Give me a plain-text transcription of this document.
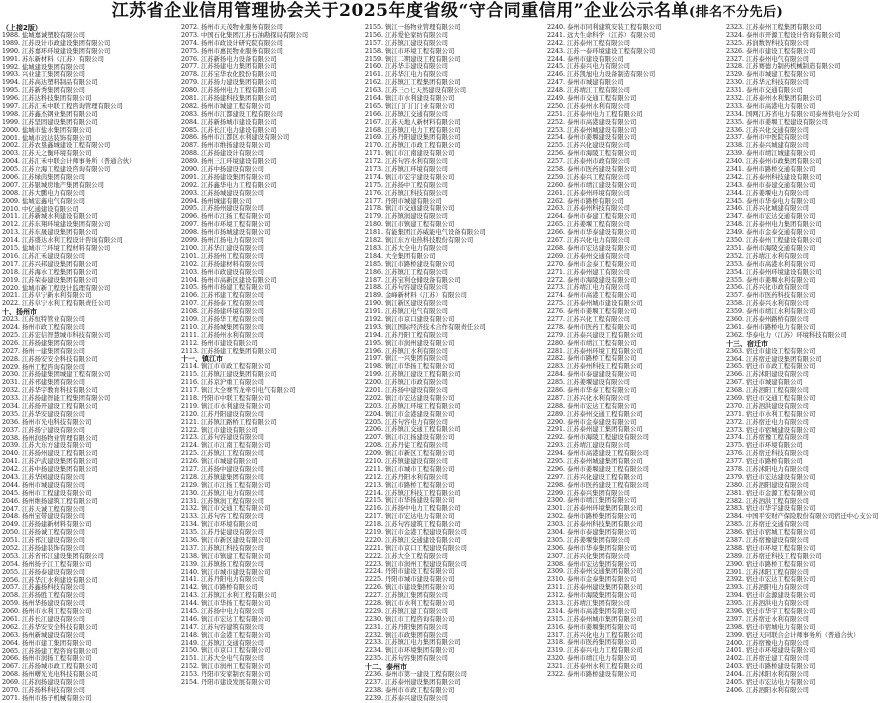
江苏省企业信用管理协会关于2025年度省级“守合同重信用”企业公示名单(排名不分先后)
（上接2版）
1988. 盐城嘉诚塑胶有限公司
1989. 江苏设计市政建设集团有限公司
1990. 江苏嘉环环境建设集团有限公司
1991. 苏东新材料（江苏）有限公司
1992. 盐城建设集团有限公司
1993. 兴业建工集团有限公司
1994. 江苏高达塑料制品有限公司
1995. 江苏新秀集团有限公司
1996. 江苏达科技集团有限公司
1997. 江苏汇禾中联工程咨询管理有限公司
1998. 江苏鑫杰钢业集团有限公司
1999. 江苏坚固建设集团有限公司
2000. 盐城市盐水集团有限公司
2001. 盐城市远达装饰有限公司
2002. 江苏农垦鑫城建设工程有限公司
2003. 江苏天之衡环境有限公司
2004. 江苏汇禾中联会计师事务所（普通合伙）
2005. 江苏立海工程建设咨询有限公司
2006. 江苏绿茵集团有限公司
2007. 江苏银城房地产集团有限公司
2008. 江苏大鹏电力有限公司
2009. 盐城宏鑫电气有限公司
2010. 中亿通建设有限公司
2011. 江苏新城水利建设有限公司
2012. 江苏东翔环境建设集团有限公司
2013. 江苏东晟建设集团有限公司
2014. 江苏盛达水利工程设计咨询有限公司
2015. 盐城市兰环境工程材料有限公司
2016. 江苏汇禾建设有限公司
2017. 江苏兴邦建设集团有限公司
2018. 江苏海水工程集团有限公司
2019. 江苏荣泰建设集团有限公司
2020. 盐城市新工程设计监理有限公司
2021. 江苏阜宁新水利有限公司
2022. 江苏阜宁水利工程有限责任公司
十、扬州市
2023. 江苏恒特管业有限公司
2024. 扬州市政工程有限公司
2025. 江苏宏信智慧城市科技有限公司
2026. 江苏扬建集团有限公司
2027. 扬州一建集团有限公司
2028. 江苏扬安安全科技有限公司
2029. 扬州工程咨询有限公司
2030. 江苏扬建集团城建工程有限公司
2031. 江苏邗建集团有限公司
2032. 江苏华宇教育科技有限公司
2033. 江苏扬建智能工程集团有限公司
2034. 江苏扬开建设工程有限公司
2035. 江苏华安建设有限公司
2036. 扬州市光电科技有限公司
2037. 江苏扬宁建设有限公司
2038. 扬州润扬物业管理有限公司
2039. 江苏大东方建设有限公司
2040. 江苏扬州建设工程有限公司
2041. 江苏沪武建设集团有限公司
2042. 江苏中扬建设集团有限公司
2043. 江苏华园建设有限公司
2044. 扬州市城建设有限公司
2045. 扬州市工程建设有限公司
2046. 扬州维扬建筑工程有限公司
2047. 江苏天诚工程有限公司
2048. 扬州宝带建设有限公司
2049. 江苏扬建新材料有限公司
2050. 江苏扬诚工程有限公司
2051. 江苏邗江建设有限公司
2052. 江苏扬建装饰有限公司
2053. 江苏省邗江建设集团有限公司
2054. 扬州扬子江工程有限公司
2055. 江苏扬泰建设有限公司
2056. 江苏华江水利建设有限公司
2057. 江苏鑫扬科技有限公司
2058. 江苏扬胜工程有限公司
2059. 扬州华扬建设有限公司
2060. 扬州市水利工程有限公司
2061. 江苏长江建设有限公司
2062. 江苏华安安全科技有限公司
2063. 扬州新城建设有限公司
2064. 扬州市建工集团有限公司
2065. 江苏扬建工程咨询有限公司
2066. 扬州市润扬工程有限公司
2067. 江苏扬城市政工程有限公司
2068. 扬州曙光光电科技有限公司
2069. 江苏润扬建设有限公司
2070. 江苏扬科科技有限公司
2071. 扬州市扬子机械有限公司
2072. 扬州市天茂物业服务有限公司
2073. 中国石化集团江苏石油勘探局有限公司
2074. 扬州市政设计研究院有限公司
2075. 扬州市惠民物业服务有限公司
2076. 江苏新扬电力设备有限公司
2077. 江苏扬建电力集团有限公司
2078. 江苏宝华农化股份有限公司
2079. 江苏扬力建设集团有限公司
2080. 江苏扬州电力工程有限公司
2081. 江苏扬建科技集团有限公司
2082. 扬州市城建工程有限公司
2083. 扬州市江都建设工程有限公司
2084. 江苏新扬城市建设有限公司
2085. 江苏长江电力建设有限公司
2086. 扬州市江都区水利建设有限公司
2087. 扬州市维扬建设有限公司
2088. 江苏扬建设计有限公司
2089. 扬州三江环境建设有限公司
2090. 江苏中扬建设有限公司
2091. 江苏扬建设集团有限公司
2092. 江苏鑫华电力工程有限公司
2093. 江苏扬城建设有限公司
2094. 扬州城建有限公司
2095. 江苏扬州建设有限公司
2096. 扬州市江扬工程有限公司
2097. 扬州市环境工程有限公司
2098. 扬州市扬城建设有限公司
2099. 扬州江扬电力有限公司
2100. 江苏华江建设有限公司
2101. 江苏扬州工程有限公司
2102. 江苏扬建材料有限公司
2103. 扬州市政建设有限公司
2104. 扬州市高新区建设有限公司
2105. 扬州市扬建工程有限公司
2106. 江苏邗建工程有限公司
2107. 江苏扬泰工程有限公司
2108. 江苏扬建环境有限公司
2109. 江苏扬华工程有限公司
2110. 江苏扬城集团有限公司
2111. 江苏扬州水利有限公司
2112. 扬州市建设有限公司
2113. 江苏扬建工程集团有限公司
十一、镇江市
2114. 镇江市市政工程有限公司
2115. 江苏镇江建设集团有限公司
2116. 江苏京沪重工有限公司
2117. 镇江大全赛雪龙牵引电气有限公司
2118. 丹阳市中联工程有限公司
2119. 镇江市水利建设有限公司
2120. 江苏丹阳建设有限公司
2121. 江苏镇江路桥工程有限公司
2122. 镇江市建设有限公司
2123. 江苏句容建设有限公司
2124. 镇江市江南工程有限公司
2125. 江苏镇江工程有限公司
2126. 镇江市城建有限公司
2127. 江苏扬中建设有限公司
2128. 江苏镇建集团有限公司
2129. 镇江市江扬工程有限公司
2130. 江苏镇江电力有限公司
2131. 江苏镇润工程有限公司
2132. 镇江市交通工程有限公司
2133. 江苏句容工程有限公司
2134. 镇江市环境有限公司
2135. 江苏丹徒建设有限公司
2136. 镇江市新区建设有限公司
2137. 江苏镇江科技有限公司
2138. 镇江市镇建工程有限公司
2139. 江苏镇扬工程有限公司
2140. 镇江市城市建设有限公司
2141. 江苏丹阳电力有限公司
2142. 镇江市路桥有限公司
2143. 江苏镇江水利工程有限公司
2144. 镇江市华扬工程有限公司
2145. 江苏扬中电力有限公司
2146. 镇江市宏达工程有限公司
2147. 江苏句容建筑有限公司
2148. 镇江市金港工程有限公司
2149. 江苏镇江交通有限公司
2150. 镇江市京口工程有限公司
2151. 江苏大全电气有限公司
2152. 镇江市润州工程有限公司
2153. 丹阳市安家制衣有限公司
2154. 丹阳市建设发展有限公司
2155. 镇江一扬物业管理有限公司
2156. 江苏爱伦家纺有限公司
2157. 江苏镇江建设有限公司
2158. 镇江市环境工程有限公司
2159. 镇江二期建设工程有限公司
2160. 江苏华丰建设有限公司
2161. 江苏华江电力有限公司
2162. 江苏镇江工程集团有限公司
2163. 江苏三○七天然建设有限公司
2164. 镇江市水利建设有限公司
2165. 镇江门门门门业有限公司
2166. 江苏镇江交通有限公司
2167. 江苏天地人新材料有限公司
2168. 江苏镇江电力工程有限公司
2169. 江苏丹阳建设集团有限公司
2170. 江苏镇江市政工程有限公司
2171. 镇江市江南建设有限公司
2172. 江苏句容水利有限公司
2173. 江苏镇江环境有限公司
2174. 镇江市宏宇建设有限公司
2175. 江苏扬中工程有限公司
2176. 江苏镇江科技有限公司
2177. 丹阳市城建有限公司
2178. 镇江市交通建设有限公司
2179. 江苏镇润建设有限公司
2180. 镇江市镇建工程有限公司
2181. 有能集团江苏威能电气设备有限公司
2182. 镇江东方电热科技股份有限公司
2183. 江苏大全电力有限公司
2184. 大全集团有限公司
2185. 镇江市路桥建设有限公司
2186. 江苏镇江工程有限公司
2187. 江苏宝利仓储设备有限公司
2188. 江苏句容建设有限公司
2189. 金峰新材料（江苏）有限公司
2190. 镇江新区建设有限公司
2191. 江苏镇江电气有限公司
2192. 镇江市京口建设有限公司
2193. 镇江国际经济技术合作有限责任公司
2194. 江苏丹阳工程有限公司
2195. 镇江市润州建设有限公司
2196. 江苏镇江水利有限公司
2197. 镇江一兴集团有限公司
2198. 镇江市华扬工程有限公司
2199. 江苏镇江建设工程有限公司
2200. 江苏镇江市政有限公司
2201. 江苏扬中建设有限公司
2202. 镇江市宏达建设有限公司
2203. 江苏镇江环境工程有限公司
2204. 镇江市金港建设有限公司
2205. 江苏句容电力有限公司
2206. 江苏镇江交通工程有限公司
2207. 镇江市江扬建设有限公司
2208. 江苏丹徒工程有限公司
2209. 镇江市新区工程有限公司
2210. 江苏镇建建设有限公司
2211. 镇江市城市工程有限公司
2212. 江苏丹阳水利有限公司
2213. 镇江市路桥工程有限公司
2214. 江苏镇江科技工程有限公司
2215. 镇江市华扬建设有限公司
2216. 江苏扬中电力工程有限公司
2217. 镇江市宏达电力有限公司
2218. 江苏句容建筑工程有限公司
2219. 镇江市金港工程建设有限公司
2220. 江苏镇江交通建设有限公司
2221. 镇江市京口工程建设有限公司
2222. 江苏大全工程有限公司
2223. 镇江市润州工程建设有限公司
2224. 丹阳市建设工程有限公司
2225. 丹阳市城市建设有限公司
2226. 镇江市建设集团有限公司
2227. 江苏镇江集团有限公司
2228. 镇江市水利工程有限公司
2229. 江苏镇江建工有限公司
2230. 镇江市工程咨询有限公司
2231. 江苏丹阳集团有限公司
2232. 镇江市政集团有限公司
2233. 江苏镇江电力集团有限公司
2234. 镇江市环境集团有限公司
2235. 江苏句容集团有限公司
十二、泰州市
2236. 泰州市第一建设工程有限公司
2237. 江苏泰州建设集团有限公司
2238. 泰州市市政工程有限公司
2239. 江苏泰兴建设有限公司
2240. 泰州市同利建筑安装工程有限公司
2241. 远大生命科学（江苏）有限公司
2242. 江苏泰州工程有限公司
2243. 江苏一泰环境建设工程有限公司
2244. 泰州市建设有限公司
2245. 江苏泰兴电力有限公司
2246. 江苏凯旭电力设备制造有限公司
2247. 泰州市城建有限公司
2248. 江苏靖江工程有限公司
2249. 泰州市交通工程有限公司
2250. 江苏泰州水利有限公司
2251. 江苏泰州电力工程有限公司
2252. 泰州市高港建设有限公司
2253. 江苏泰州城建设有限公司
2254. 泰州市姜堰建设有限公司
2255. 江苏兴化建设有限公司
2256. 泰州市海陵工程有限公司
2257. 江苏泰州市政有限公司
2258. 泰州市医药建设有限公司
2259. 江苏泰兴工程有限公司
2260. 泰州市靖江建设有限公司
2261. 江苏泰州环境有限公司
2262. 泰州市路桥有限公司
2263. 江苏泰州科技有限公司
2264. 泰州市泰建工程有限公司
2265. 江苏姜堰工程有限公司
2266. 泰州市华泰建设有限公司
2267. 江苏兴化电力有限公司
2268. 泰州市宏达建设有限公司
2269. 江苏泰州交通有限公司
2270. 泰州市金泰工程有限公司
2271. 江苏泰州建工有限公司
2272. 泰州市海陵建设有限公司
2273. 江苏靖江电力有限公司
2274. 泰州市高港工程有限公司
2275. 江苏泰州城市建设有限公司
2276. 泰州市姜堰工程有限公司
2277. 江苏兴化工程有限公司
2278. 泰州市医药工程有限公司
2279. 江苏泰兴建设工程有限公司
2280. 泰州市靖江工程有限公司
2281. 江苏泰州环境工程有限公司
2282. 泰州市路桥工程有限公司
2283. 江苏泰州科技工程有限公司
2284. 泰州市泰建建设有限公司
2285. 江苏姜堰建设有限公司
2286. 泰州市华泰工程有限公司
2287. 江苏兴化水利有限公司
2288. 泰州市宏达工程有限公司
2289. 江苏泰州交通工程有限公司
2290. 泰州市金泰建设有限公司
2291. 江苏泰州建工集团有限公司
2292. 泰州市海陵工程建设有限公司
2293. 江苏靖江建设有限公司
2294. 泰州市高港建设工程有限公司
2295. 江苏泰州城建集团有限公司
2296. 泰州市姜堰建设工程有限公司
2297. 江苏兴化建设工程有限公司
2298. 泰州市医药建设工程有限公司
2299. 江苏泰兴集团有限公司
2300. 泰州市靖江集团有限公司
2301. 江苏泰州环境集团有限公司
2302. 泰州市路桥集团有限公司
2303. 江苏泰州科技集团有限公司
2304. 泰州市泰建集团有限公司
2305. 江苏姜堰集团有限公司
2306. 泰州市华泰集团有限公司
2307. 江苏兴化集团有限公司
2308. 泰州市宏达集团有限公司
2309. 江苏泰州交通集团有限公司
2310. 泰州市金泰集团有限公司
2311. 江苏泰州建设集团有限公司
2312. 泰州市海陵集团有限公司
2313. 江苏靖江集团有限公司
2314. 泰州市高港集团有限公司
2315. 江苏泰州城市集团有限公司
2316. 泰州市姜堰集团有限公司
2317. 江苏兴化电力工程有限公司
2318. 泰州市医药集团有限公司
2319. 江苏泰兴电力工程有限公司
2320. 泰州市靖江电力有限公司
2321. 江苏泰州水利工程有限公司
2322. 泰州市路桥建设有限公司
2323. 江苏泰州工程集团有限公司
2324. 泰州市开源工程设计咨询有限公司
2325. 苏润数智科技有限公司
2326. 泰州市建设工程有限公司
2327. 江苏泰州电气有限公司
2328. 江苏赛德力制药机械制造有限公司
2329. 泰州市城建工程有限公司
2330. 江苏华元科技有限公司
2331. 泰州市交通有限公司
2332. 江苏泰州水利集团有限公司
2333. 泰州市高港电力有限公司
2334. 国网江苏省电力有限公司泰州供电分公司
2335. 泰州市姜堰工程建设有限公司
2336. 江苏兴化交通有限公司
2337. 泰州市中医院有限公司
2338. 江苏泰兴城建有限公司
2339. 泰州市靖江城建有限公司
2340. 江苏泰州市政集团有限公司
2341. 泰州市路桥交通有限公司
2342. 江苏泰州科技建设有限公司
2343. 泰州市泰建交通有限公司
2344. 江苏姜堰电力有限公司
2345. 泰州市华泰电力有限公司
2346. 江苏兴化城建有限公司
2347. 泰州市宏达交通有限公司
2348. 江苏泰州电力集团有限公司
2349. 泰州市金泰交通有限公司
2350. 江苏泰州工程建设有限公司
2351. 泰州市海陵交通有限公司
2352. 江苏靖江水利有限公司
2353. 泰州市高港水利有限公司
2354. 江苏泰州环境建设有限公司
2355. 泰州市姜堰水利有限公司
2356. 江苏兴化市政有限公司
2357. 泰州市医药科技有限公司
2358. 江苏泰兴水利有限公司
2359. 泰州市靖江水利有限公司
2360. 江苏泰州路桥有限公司
2361. 泰州市路桥电力有限公司
2362. 华泰电力（江苏）环境科技有限公司
十三、宿迁市
2363. 宿迁市建设工程有限公司
2364. 江苏宿迁建设集团有限公司
2365. 宿迁市市政工程有限公司
2366. 江苏沭阳建设有限公司
2367. 宿迁市城建有限公司
2368. 江苏泗阳工程有限公司
2369. 宿迁市交通工程有限公司
2370. 江苏泗洪建设有限公司
2371. 宿迁市水利工程有限公司
2372. 江苏宿迁电力有限公司
2373. 宿迁市宿城建设有限公司
2374. 江苏宿豫工程有限公司
2375. 宿迁市环境有限公司
2376. 江苏宿迁科技有限公司
2377. 宿迁市路桥有限公司
2378. 江苏沭阳电力有限公司
2379. 宿迁市宏达建设有限公司
2380. 江苏泗阳建设有限公司
2381. 宿迁市金源工程有限公司
2382. 江苏泗洪工程有限公司
2383. 宿迁市华宇建设有限公司
2384. 中国平安财产保险股份有限公司宿迁中心支公司
2385. 江苏宿迁交通有限公司
2386. 宿迁市宿城工程有限公司
2387. 江苏宿豫建设有限公司
2388. 宿迁市环境工程有限公司
2389. 江苏宿迁科技工程有限公司
2390. 宿迁市路桥工程有限公司
2391. 江苏沭阳工程有限公司
2392. 宿迁市宏达工程有限公司
2393. 江苏泗阳电力有限公司
2394. 宿迁市金源建设有限公司
2395. 江苏泗洪电力有限公司
2396. 宿迁市华宇工程有限公司
2397. 江苏宿迁水利有限公司
2398. 宿迁市宿城电力有限公司
2399. 宿迁天同联合会计师事务所（普通合伙）
2400. 江苏宿豫电力有限公司
2401. 宿迁市环境建设有限公司
2402. 江苏宿迁建工有限公司
2403. 宿迁市路桥建设有限公司
2404. 江苏沭阳水利有限公司
2405. 宿迁市宏达电力有限公司
2406. 江苏泗阳水利有限公司
